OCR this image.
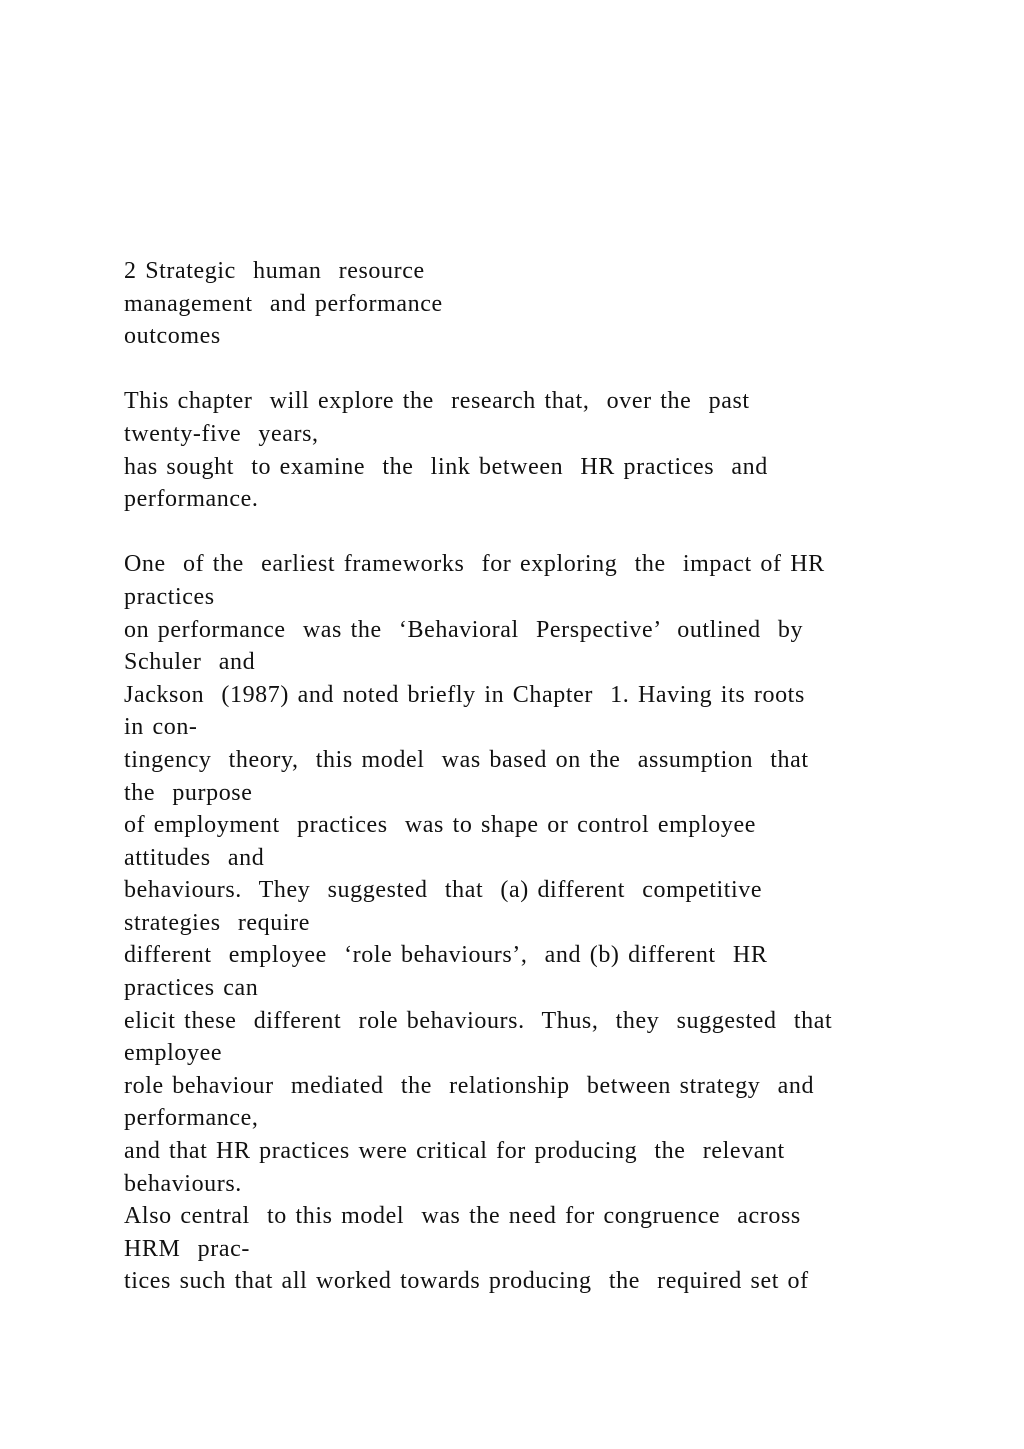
2 Strategic  human  resource
management  and performance
outcomes
This chapter  will explore the  research that,  over the  past
twenty-five  years,
has sought  to examine  the  link between  HR practices  and
performance.
One  of the  earliest frameworks  for exploring  the  impact of HR
practices
on performance  was the  ‘Behavioral  Perspective’  outlined  by
Schuler  and
Jackson  (1987) and noted briefly in Chapter  1. Having its roots
in con-
tingency  theory,  this model  was based on the  assumption  that
the  purpose
of employment  practices  was to shape or control employee
attitudes  and
behaviours.  They  suggested  that  (a) different  competitive
strategies  require
different  employee  ‘role behaviours’,  and (b) different  HR
practices can
elicit these  different  role behaviours.  Thus,  they  suggested  that
employee
role behaviour  mediated  the  relationship  between strategy  and
performance,
and that HR practices were critical for producing  the  relevant
behaviours.
Also central  to this model  was the need for congruence  across
HRM  prac-
tices such that all worked towards producing  the  required set of
